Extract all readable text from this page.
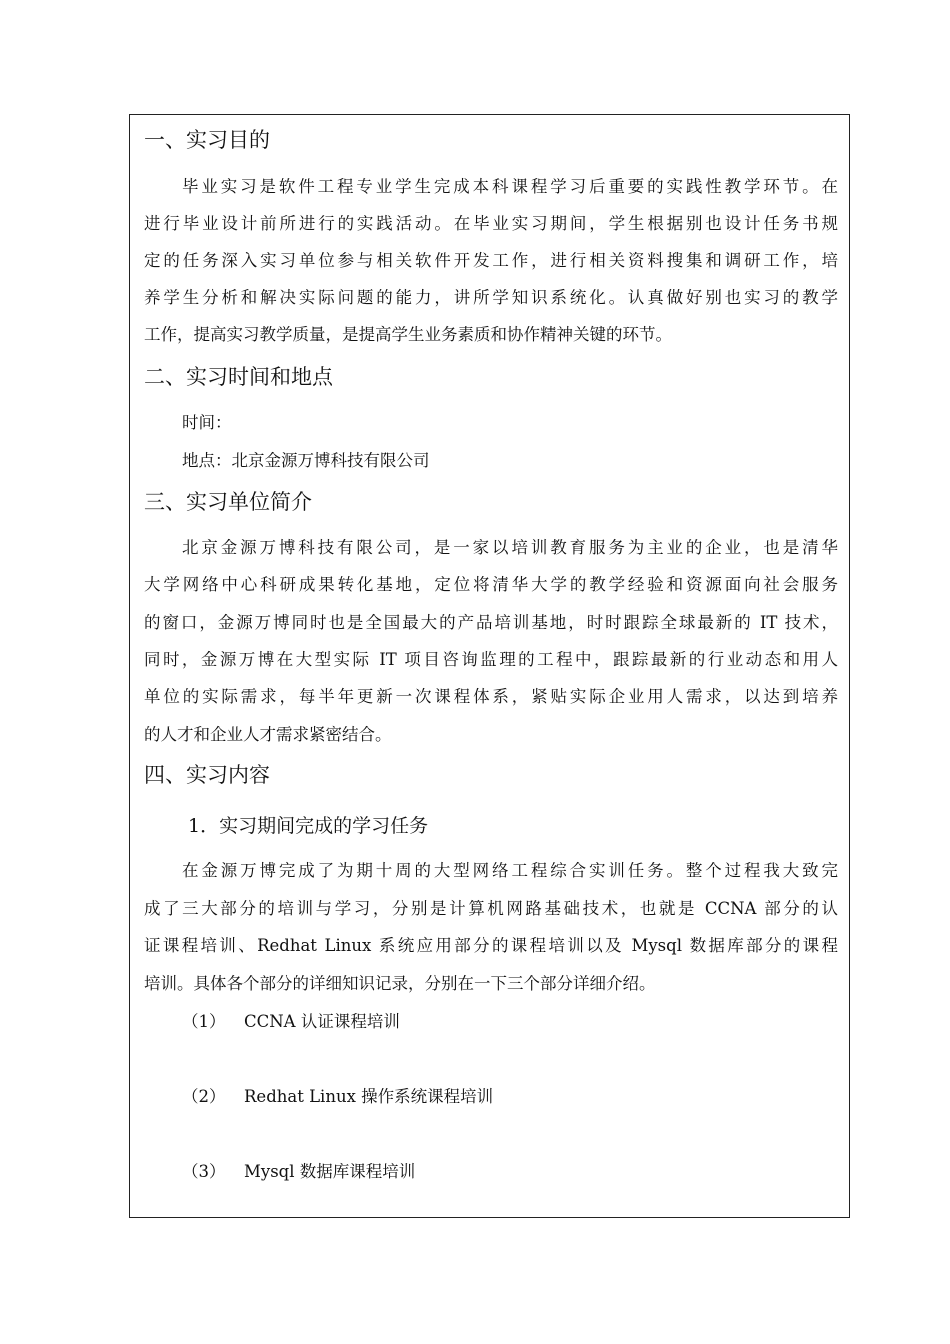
一、实习目的
毕业实习是软件工程专业学生完成本科课程学习后重要的实践性教学环节。在
进行毕业设计前所进行的实践活动。在毕业实习期间，学生根据别也设计任务书规
定的任务深入实习单位参与相关软件开发工作，进行相关资料搜集和调研工作，培
养学生分析和解决实际问题的能力，讲所学知识系统化。认真做好别也实习的教学
工作，提高实习教学质量，是提高学生业务素质和协作精神关键的环节。
二、实习时间和地点
时间：
地点：北京金源万博科技有限公司
三、实习单位简介
北京金源万博科技有限公司，是一家以培训教育服务为主业的企业，也是清华
大学网络中心科研成果转化基地，定位将清华大学的教学经验和资源面向社会服务
的窗口，金源万博同时也是全国最大的产品培训基地，时时跟踪全球最新的 IT 技术，
同时，金源万博在大型实际 IT 项目咨询监理的工程中，跟踪最新的行业动态和用人
单位的实际需求，每半年更新一次课程体系，紧贴实际企业用人需求，以达到培养
的人才和企业人才需求紧密结合。
四、实习内容
1．实习期间完成的学习任务
在金源万博完成了为期十周的大型网络工程综合实训任务。整个过程我大致完
成了三大部分的培训与学习，分别是计算机网路基础技术，也就是 CCNA 部分的认
证课程培训、Redhat Linux 系统应用部分的课程培训以及 Mysql 数据库部分的课程
培训。具体各个部分的详细知识记录，分别在一下三个部分详细介绍。
（1） CCNA 认证课程培训
（2） Redhat Linux 操作系统课程培训
（3） Mysql 数据库课程培训
